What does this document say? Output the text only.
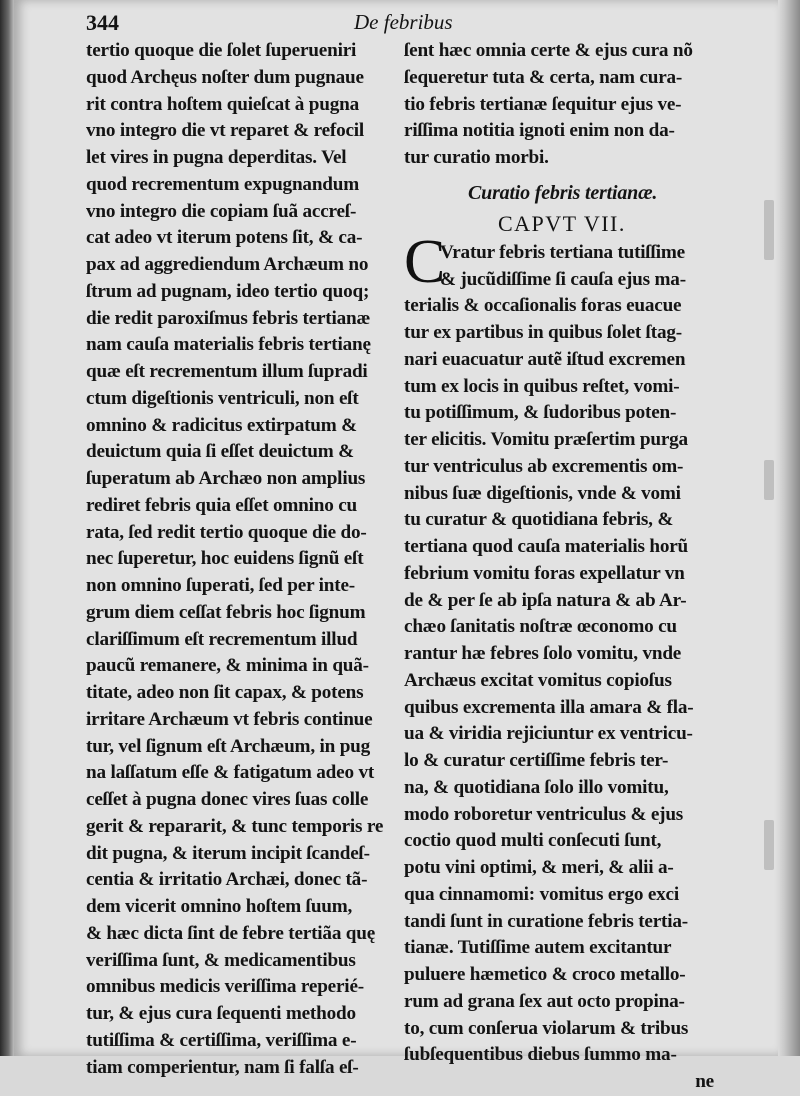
344	De febribus
tertio quoque die ſolet ſuperueniri
quod Archęus noſter dum pugnaue
rit contra hoſtem quieſcat à pugna
vno integro die vt reparet & refocil
let vires in pugna deperditas. Vel
quod recrementum expugnandum
vno integro die copiam ſuã accreſ-
cat adeo vt iterum potens ſit, & ca-
pax ad aggrediendum Archæum no
ſtrum ad pugnam, ideo tertio quoq;
die redit paroxiſmus febris tertianæ
nam cauſa materialis febris tertianę
quæ eſt recrementum illum ſupradi
ctum digeſtionis ventriculi, non eſt
omnino & radicitus extirpatum &
deuictum quia ſi eſſet deuictum &
ſuperatum ab Archæo non amplius
rediret febris quia eſſet omnino cu
rata, ſed redit tertio quoque die do-
nec ſuperetur, hoc euidens ſignũ eſt
non omnino ſuperati, ſed per inte-
grum diem ceſſat febris hoc ſignum
clariſſimum eſt recrementum illud
paucũ remanere, & minima in quã-
titate, adeo non ſit capax, & potens
irritare Archæum vt febris continue
tur, vel ſignum eſt Archæum, in pug
na laſſatum eſſe & fatigatum adeo vt
ceſſet à pugna donec vires ſuas colle
gerit & repararit, & tunc temporis re
dit pugna, & iterum incipit ſcandeſ-
centia & irritatio Archæi, donec tã-
dem vicerit omnino hoſtem ſuum,
& hæc dicta ſint de febre tertiãa quę
veriſſima ſunt, & medicamentibus
omnibus medicis veriſſima reperié-
tur, & ejus cura ſequenti methodo
tutiſſima & certiſſima, veriſſima e-
tiam comperientur, nam ſi falſa eſ-
ſent hæc omnia certe & ejus cura nõ
ſequeretur tuta & certa, nam cura-
tio febris tertianæ ſequitur ejus ve-
riſſima notitia ignoti enim non da-
tur curatio morbi.
Curatio febris tertianæ.
CAPVT VII.
Vratur febris tertiana tutiſſime
& jucũdiſſime ſi cauſa ejus ma-
terialis & occaſionalis foras euacue
tur ex partibus in quibus ſolet ſtag-
nari euacuatur autẽ iſtud excremen
tum ex locis in quibus reſtet, vomi-
tu potiſſimum, & ſudoribus poten-
ter elicitis. Vomitu præſertim purga
tur ventriculus ab excrementis om-
nibus ſuæ digeſtionis, vnde & vomi
tu curatur & quotidiana febris, &
tertiana quod cauſa materialis horũ
febrium vomitu foras expellatur vn
de & per ſe ab ipſa natura & ab Ar-
chæo ſanitatis noſtræ œconomo cu
rantur hæ febres ſolo vomitu, vnde
Archæus excitat vomitus copioſus
quibus excrementa illa amara & fla-
ua & viridia rejiciuntur ex ventricu-
lo & curatur certiſſime febris ter-
na, & quotidiana ſolo illo vomitu,
modo roboretur ventriculus & ejus
coctio quod multi conſecuti ſunt,
potu vini optimi, & meri, & alii a-
qua cinnamomi: vomitus ergo exci
tandi ſunt in curatione febris tertia-
tianæ. Tutiſſime autem excitantur
puluere hæmetico & croco metallo-
rum ad grana ſex aut octo propina-
to, cum conſerua violarum & tribus
ſubſequentibus diebus ſummo ma-
ne
C
